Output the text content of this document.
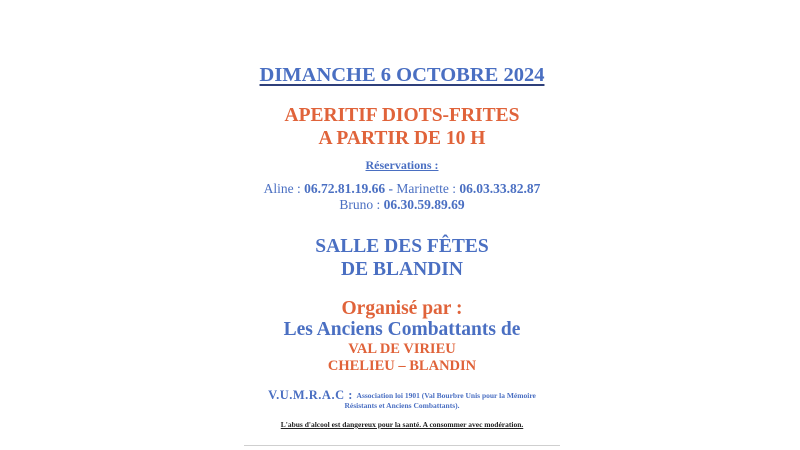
DIMANCHE 6 OCTOBRE 2024
APERITIF DIOTS-FRITES
A PARTIR DE 10 H
Réservations :
Aline : 06.72.81.19.66 - Marinette : 06.03.33.82.87
Bruno : 06.30.59.89.69
SALLE DES FÊTES
DE BLANDIN
Organisé par :
Les Anciens Combattants de
VAL DE VIRIEU
CHELIEU – BLANDIN
V.U.M.R.A.C : Association loi 1901 (Val Bourbre Unis pour la Mémoire
Résistants et Anciens Combattants).
L'abus d'alcool est dangereux pour la santé. A consommer avec modération.
